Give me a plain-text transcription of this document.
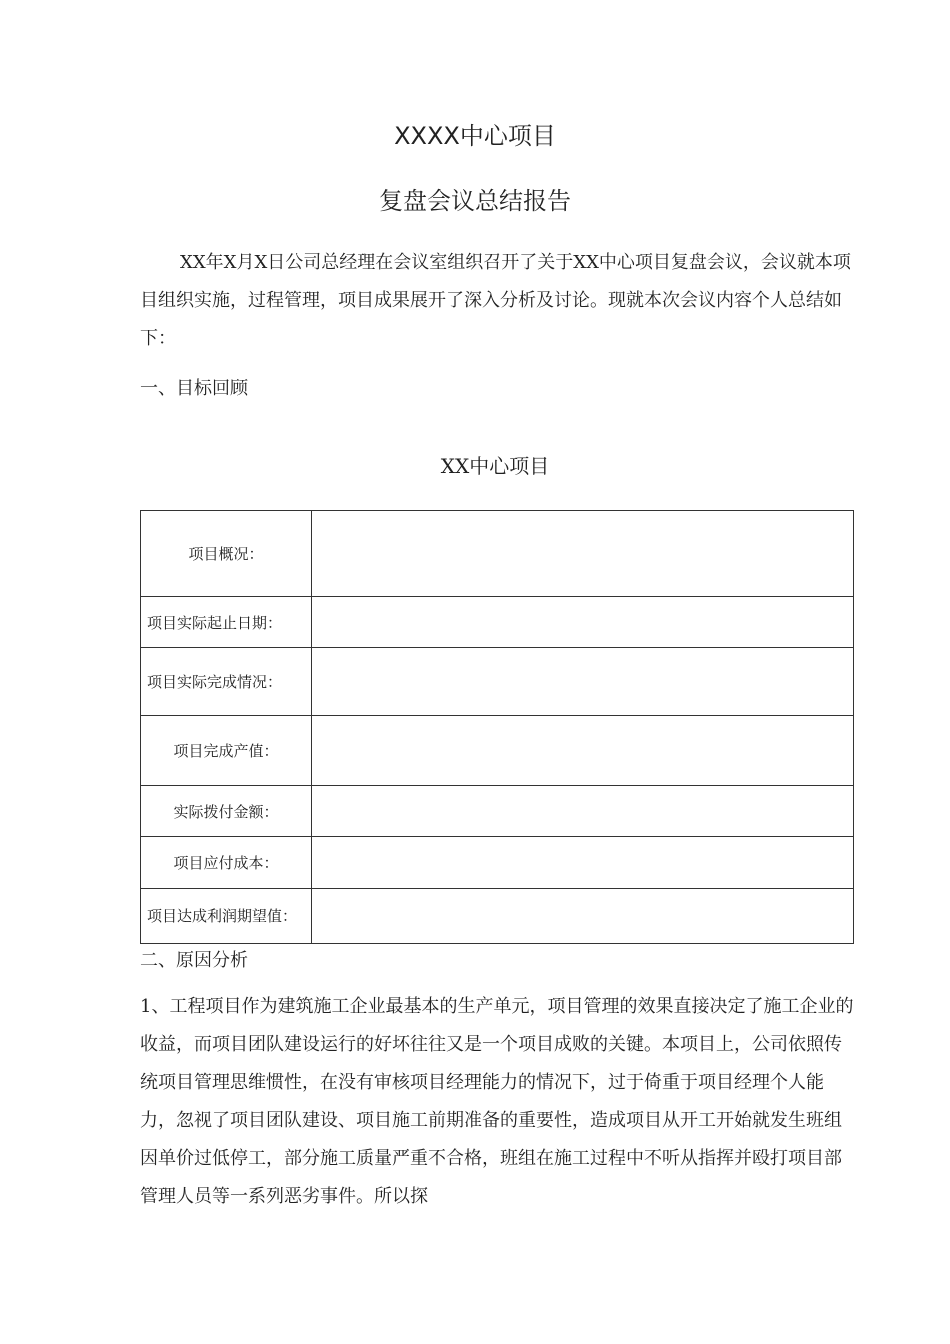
XXXX中心项目
复盘会议总结报告

XX年X月X日公司总经理在会议室组织召开了关于XX中心项目复盘会议，会议就本项目组织实施，过程管理，项目成果展开了深入分析及讨论。现就本次会议内容个人总结如下：

一、目标回顾
XX中心项目
项目概况：	
项目实际起止日期：	
项目实际完成情况：	
项目完成产值：	
实际拨付金额：	
项目应付成本：	
项目达成利润期望值：	
二、原因分析

1、工程项目作为建筑施工企业最基本的生产单元，项目管理的效果直接决定了施工企业的收益，而项目团队建设运行的好坏往往又是一个项目成败的关键。本项目上，公司依照传统项目管理思维惯性，在没有审核项目经理能力的情况下，过于倚重于项目经理个人能力，忽视了项目团队建设、项目施工前期准备的重要性，造成项目从开工开始就发生班组因单价过低停工，部分施工质量严重不合格，班组在施工过程中不听从指挥并殴打项目部管理人员等一系列恶劣事件。所以探
